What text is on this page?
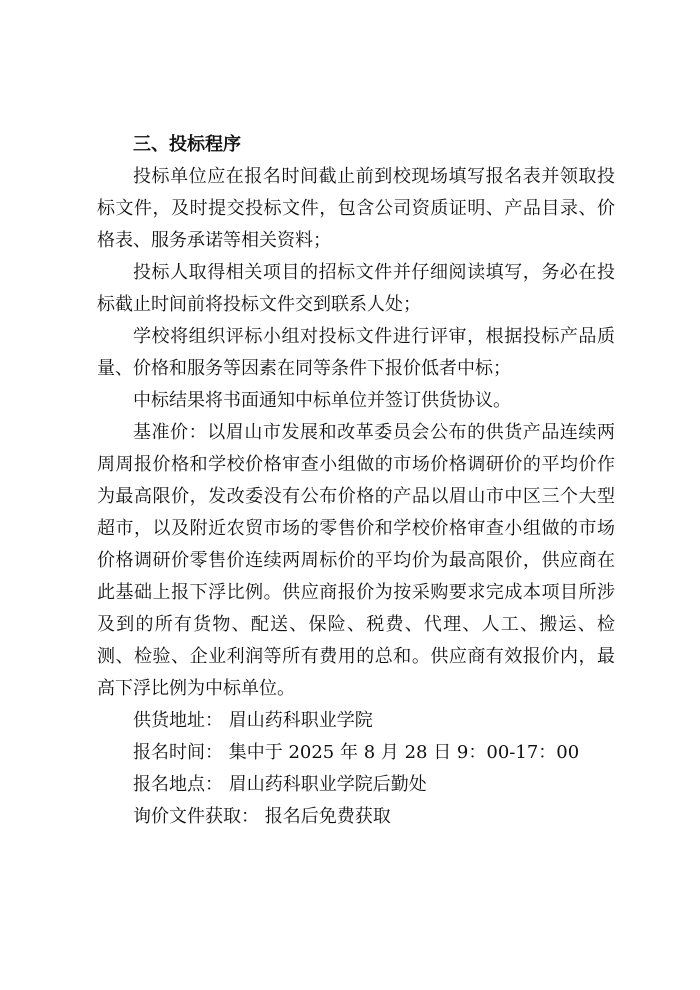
三、投标程序

投标单位应在报名时间截止前到校现场填写报名表并领取投标文件，及时提交投标文件，包含公司资质证明、产品目录、价格表、服务承诺等相关资料；

投标人取得相关项目的招标文件并仔细阅读填写，务必在投标截止时间前将投标文件交到联系人处；

学校将组织评标小组对投标文件进行评审，根据投标产品质量、价格和服务等因素在同等条件下报价低者中标；

中标结果将书面通知中标单位并签订供货协议。

基准价：以眉山市发展和改革委员会公布的供货产品连续两周周报价格和学校价格审查小组做的市场价格调研价的平均价作为最高限价，发改委没有公布价格的产品以眉山市中区三个大型超市，以及附近农贸市场的零售价和学校价格审查小组做的市场价格调研价零售价连续两周标价的平均价为最高限价，供应商在此基础上报下浮比例。供应商报价为按采购要求完成本项目所涉及到的所有货物、配送、保险、税费、代理、人工、搬运、检测、检验、企业利润等所有费用的总和。供应商有效报价内，最高下浮比例为中标单位。

供货地址： 眉山药科职业学院

报名时间： 集中于 2025 年 8 月 28 日 9：00-17：00

报名地点： 眉山药科职业学院后勤处

询价文件获取： 报名后免费获取
